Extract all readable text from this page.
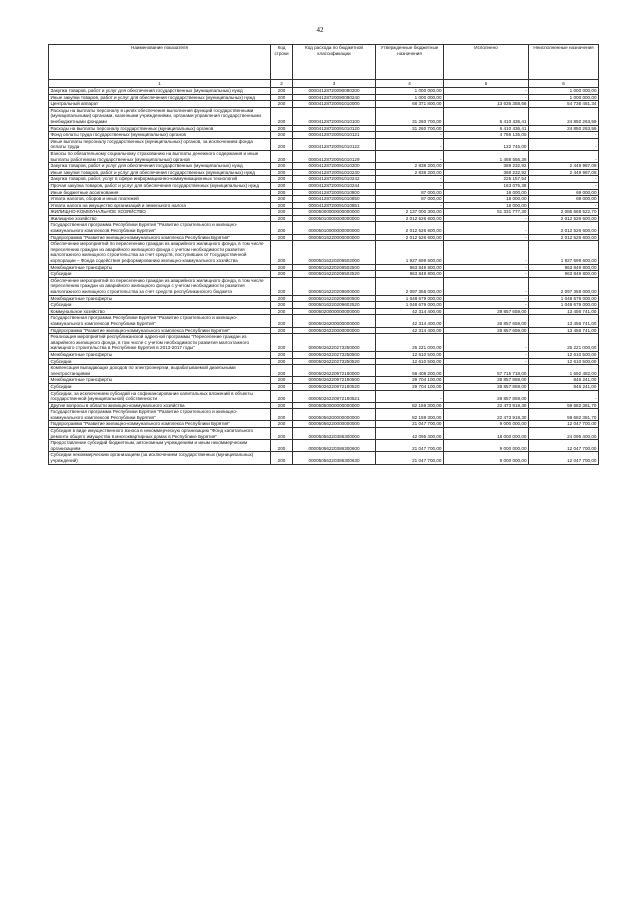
42
Наименование показателя	Код строки	Код расхода по бюджетной классификации	Утвержденные бюджетные назначения	Исполнено	Неисполненные назначения
1	2	3	4	5	6
Закупка товаров, работ и услуг для обеспечения государственных (муниципальных) нужд	200	00004128720090080200	1 000 000,00	-	1 000 000,00
Иные закупки товаров, работ и услуг для обеспечения государственных (муниципальных) нужд	200	00004128720090080240	1 000 000,00	-	1 000 000,00
Центральный аппарат	200	00004128720091010000	68 371 800,00	13 635 358,66	54 736 481,34
Расходы на выплаты персоналу в целях обеспечения выполнения функций государственными (муниципальными) органами, казенными учреждениями, органами управления государственными внебюджетными фондами	200	00004128720091010100	31 260 700,00	6 410 436,41	24 850 263,59
Расходы на выплаты персоналу государственных (муниципальных) органов	200	00004128720091010120	31 260 700,00	6 410 436,41	24 850 263,59
Фонд оплаты труда государственных (муниципальных) органов	200	00004128720091010121	-	4 789 135,05	-
Иные выплаты персоналу государственных (муниципальных) органов, за исключением фонда оплаты труда	200	00004128720091010122	-	132 745,00	-
Взносы по обязательному социальному страхованию на выплаты денежного содержания и иные выплаты работникам государственных (муниципальных) органов	200	00004128720091010129	-	1 488 556,36	-
Закупка товаров, работ и услуг для обеспечения государственных (муниципальных) нужд	200	00004128720091010200	2 838 200,00	388 232,92	2 449 967,08
Иные закупки товаров, работ и услуг для обеспечения государственных (муниципальных) нужд	200	00004128720091010240	2 838 200,00	388 232,92	2 449 967,08
Закупка товаров, работ, услуг в сфере информационно-коммуникационных технологий	200	00004128720091010242	-	225 157,54	-
Прочая закупка товаров, работ и услуг для обеспечения государственных (муниципальных) нужд	200	00004128720091010244	-	163 075,38	-
Иные бюджетные ассигнования	200	00004128720091010800	87 000,00	18 000,00	69 000,00
Уплата налогов, сборов и иных платежей	200	00004128720091010850	87 000,00	18 000,00	69 000,00
Уплата налога на имущество организаций и земельного налога	200	00004128720091010851	-	18 000,00	-
ЖИЛИЩНО-КОММУНАЛЬНОЕ ХОЗЯЙСТВО	200	00005000000000000000	2 137 000 300,00	51 331 777,30	2 085 668 522,70
Жилищное хозяйство	200	00005010000000000000	2 012 526 600,00	-	2 012 526 600,00
Государственная программа Республики Бурятия "Развитие строительного и жилищно-коммунального комплексов Республики Бурятия"	200	00005010000000000000	2 012 526 600,00	-	2 012 526 600,00
Подпрограмма "Развитие жилищно-коммунального комплекса Республики Бурятия"	200	00005016220000000000	2 012 526 600,00	-	2 012 526 600,00
Обеспечение мероприятий по переселению граждан из аварийного жилищного фонда, в том числе переселению граждан из аварийного жилищного фонда с учетом необходимости развития малоэтажного жилищного строительства за счет средств, поступивших от Государственной корпорации – Фонда содействия реформированию жилищно-коммунального хозяйства	200	00005016220209502000	1 927 699 600,00	-	1 927 699 600,00
Межбюджетные трансферты	200	00005016220209502500	963 849 800,00	-	963 849 800,00
Субсидии	200	00005016220209502520	963 849 800,00	-	963 849 800,00
Обеспечение мероприятий по переселению граждан из аварийного жилищного фонда, в том числе переселению граждан из аварийного жилищного фонда с учетом необходимости развития малоэтажного жилищного строительства за счет средств республиканского бюджета	200	00005016220209600000	2 097 358 000,00	-	2 097 358 000,00
Межбюджетные трансферты	200	00005016220209600500	1 048 679 000,00	-	1 048 679 000,00
Субсидии	200	00005016220209602520	1 048 679 000,00	-	1 048 679 000,00
Коммунальное хозяйство	200	00005020000000000000	42 314 400,00	28 857 659,00	13 456 741,00
Государственная программа Республики Бурятия "Развитие строительного и жилищно-коммунального комплексов Республики Бурятия"	200	00005026200000000000	42 314 400,00	28 857 659,00	13 456 741,00
Подпрограмма "Развитие жилищно-коммунального комплекса Республики Бурятия"	200	00005026220000000000	42 314 400,00	28 857 659,00	13 456 741,00
Реализация мероприятий республиканской адресной программы "Переселение граждан из аварийного жилищного фонда, в том числе с учетом необходимости развития малоэтажного жилищного строительства в Республике Бурятия в 2013-2017 годы"	200	00005026220273250000	25 221 000,00	-	25 221 000,00
Межбюджетные трансферты	200	00005026220273250500	12 610 500,00	-	12 610 500,00
Субсидии	200	00005026220273250520	12 610 500,00	-	12 610 500,00
Компенсация выпадающих доходов по электроэнергии, вырабатываемой дизельными электростанциями	200	00005026220972180000	59 408 200,00	57 715 718,00	1 692 482,00
Межбюджетные трансферты	200	00005026220972180500	29 704 100,00	28 857 859,00	846 241,00
Субсидии	200	00005026220972180520	29 704 100,00	28 857 859,00	846 241,00
Субсидии, за исключением субсидий на софинансирование капитальных вложений в объекты государственной (муниципальной) собственности	200	00005026220972180521	-	28 857 859,00	-
Другие вопросы в области жилищно-коммунального хозяйства	200	00005050000000000000	82 159 300,00	22 473 918,30	59 682 381,70
Государственная программа Республики Бурятия "Развитие строительного и жилищно-коммунального комплексов Республики Бурятия"	200	00005056200000000000	82 159 300,00	22 473 918,30	59 682 381,70
Подпрограмма "Развитие жилищно-коммунального комплекса Республики Бурятия"	200	00005056220000000000	21 047 700,00	9 000 000,00	12 047 700,00
Субсидия в виде имущественного взноса в некоммерческую организацию "Фонд капитального ремонта общего имущества в многоквартирных домах в Республике Бурятия"	200	00005056220386300000	42 095 400,00	18 000 000,00	24 095 400,00
Предоставление субсидий бюджетным, автономным учреждениям и иным некоммерческим организациям	200	00005056220386300600	21 047 700,00	9 000 000,00	12 047 700,00
Субсидии некоммерческим организациям (за исключением государственных (муниципальных) учреждений)	200	00005056220386300630	21 047 700,00	9 000 000,00	12 047 700,00
